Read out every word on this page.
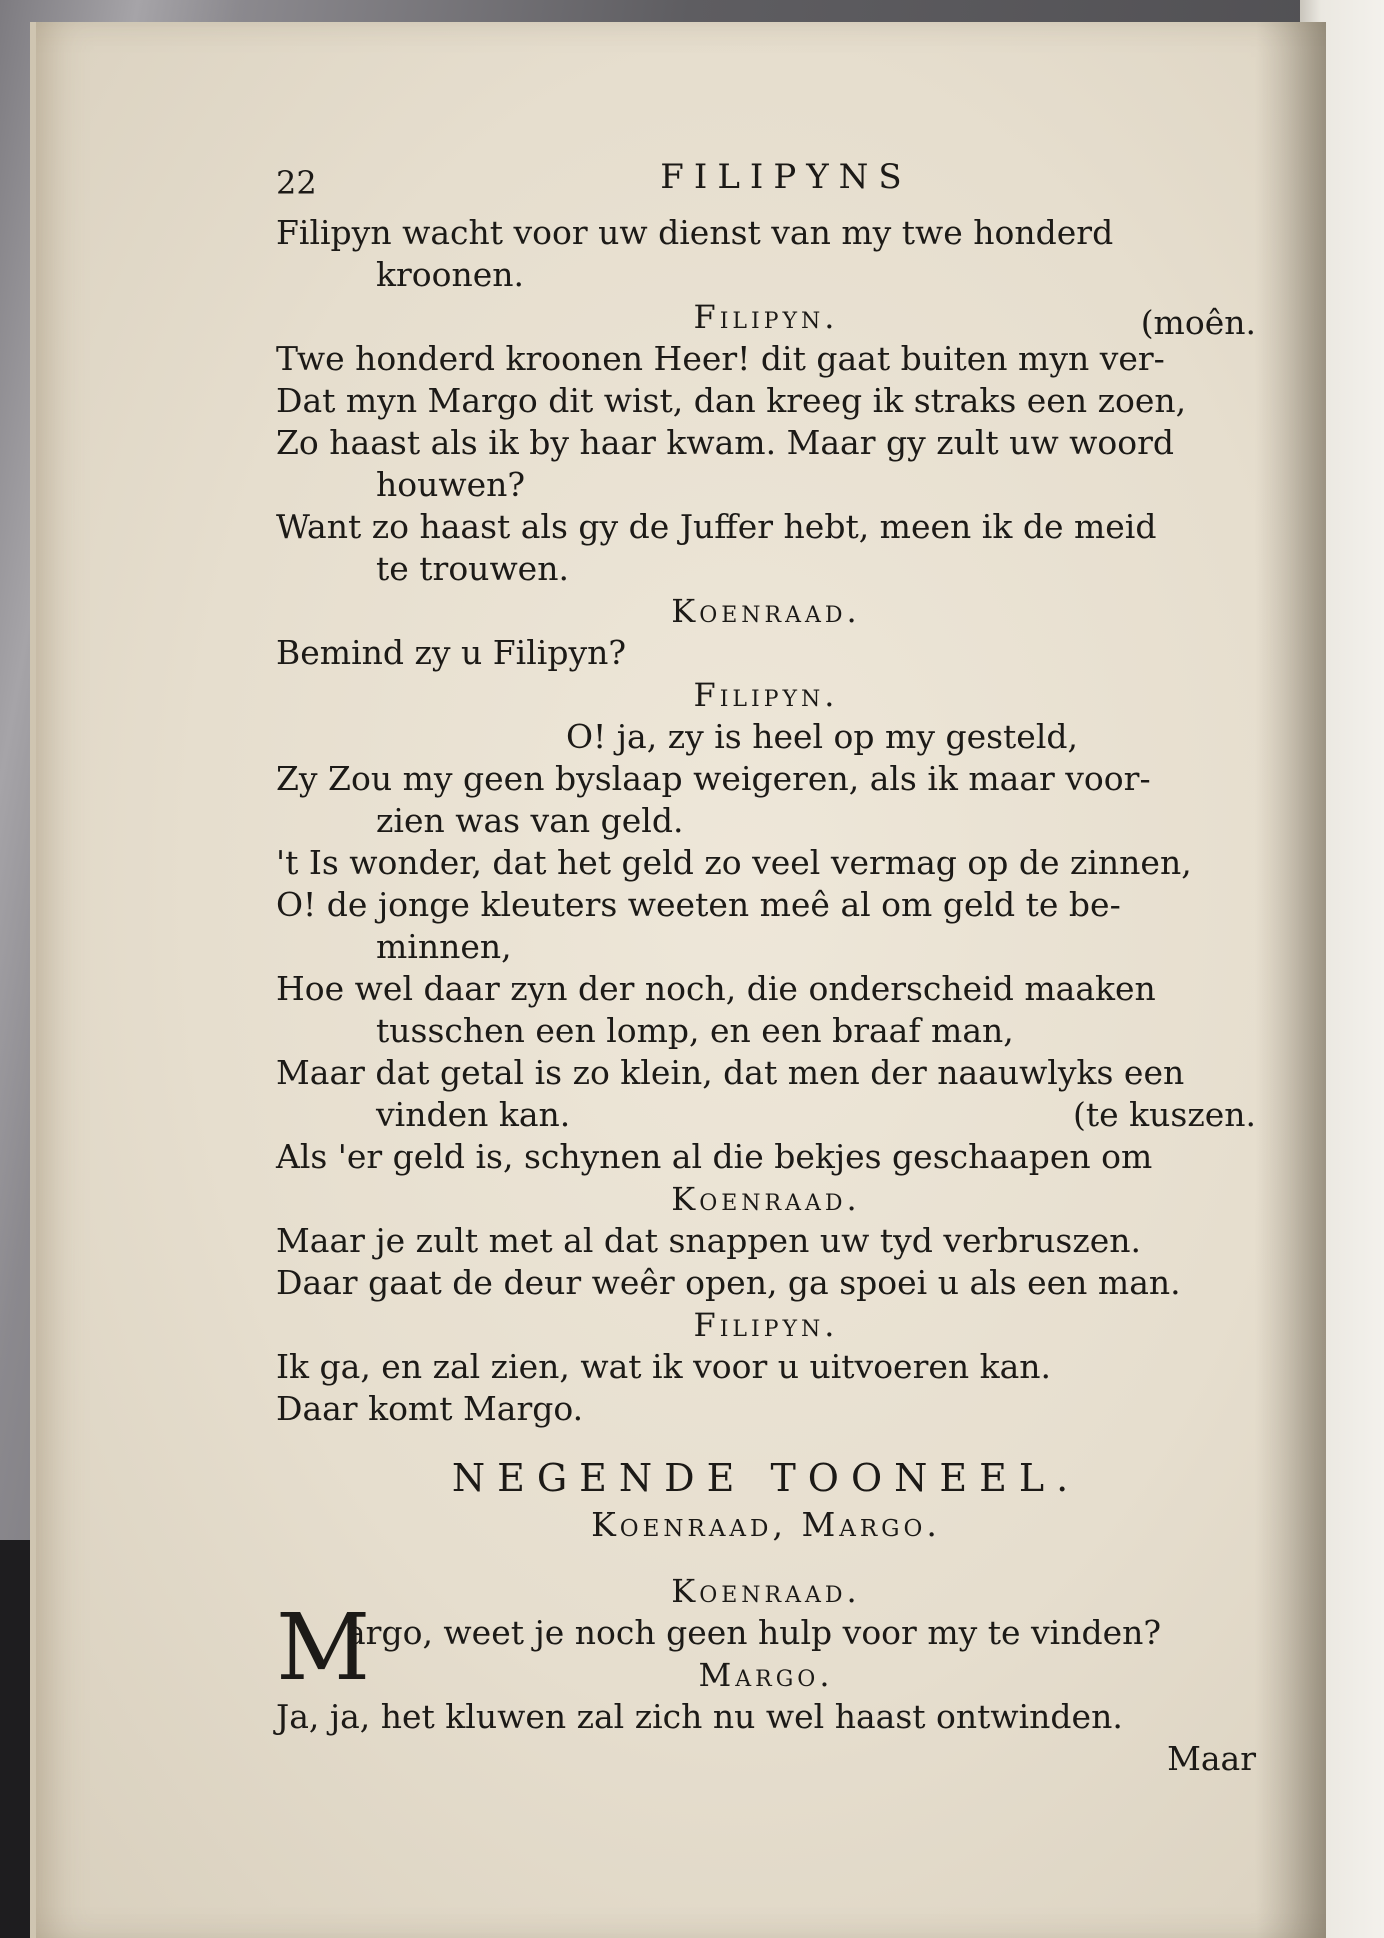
22	FILIPYNS
Filipyn wacht voor uw dienst van my twe honderd
kroonen.
Filipyn.	(moên.
Twe honderd kroonen Heer! dit gaat buiten myn ver-
Dat myn Margo dit wist, dan kreeg ik straks een zoen,
Zo haast als ik by haar kwam. Maar gy zult uw woord
houwen?
Want zo haast als gy de Juffer hebt, meen ik de meid
te trouwen.
Koenraad.
Bemind zy u Filipyn?
Filipyn.
O! ja, zy is heel op my gesteld,
Zy Zou my geen byslaap weigeren, als ik maar voor-
zien was van geld.
't Is wonder, dat het geld zo veel vermag op de zinnen,
O! de jonge kleuters weeten meê al om geld te be-
minnen,
Hoe wel daar zyn der noch, die onderscheid maaken
tusschen een lomp, en een braaf man,
Maar dat getal is zo klein, dat men der naauwlyks een
vinden kan.	(te kuszen.
Als 'er geld is, schynen al die bekjes geschaapen om
Koenraad.
Maar je zult met al dat snappen uw tyd verbruszen.
Daar gaat de deur weêr open, ga spoei u als een man.
Filipyn.
Ik ga, en zal zien, wat ik voor u uitvoeren kan.
Daar komt Margo.
NEGENDE TOONEEL.
Koenraad, Margo.
Koenraad.
M
argo, weet je noch geen hulp voor my te vinden?
Margo.
Ja, ja, het kluwen zal zich nu wel haast ontwinden.
Maar
